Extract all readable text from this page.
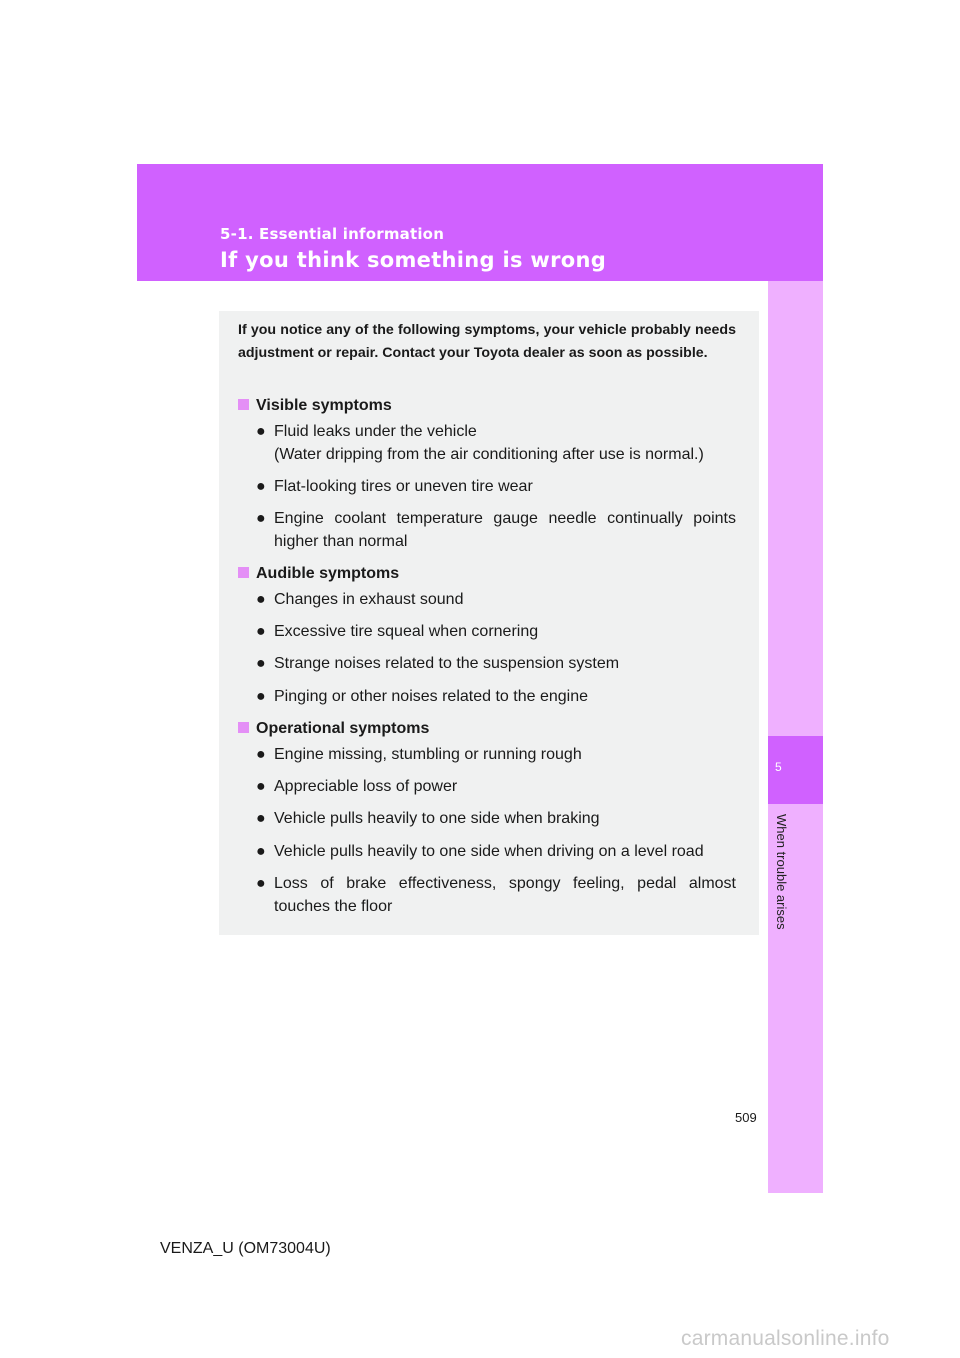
5-1. Essential information
If you think something is wrong
5
When trouble arises
If you notice any of the following symptoms, your vehicle probably needs adjustment or repair. Contact your Toyota dealer as soon as possible.
Visible symptoms
● Fluid leaks under the vehicle
(Water dripping from the air conditioning after use is normal.)
● Flat-looking tires or uneven tire wear
● Engine coolant temperature gauge needle continually points higher than normal
Audible symptoms
● Changes in exhaust sound
● Excessive tire squeal when cornering
● Strange noises related to the suspension system
● Pinging or other noises related to the engine
Operational symptoms
● Engine missing, stumbling or running rough
● Appreciable loss of power
● Vehicle pulls heavily to one side when braking
● Vehicle pulls heavily to one side when driving on a level road
● Loss of brake effectiveness, spongy feeling, pedal almost touches the floor
509
VENZA_U (OM73004U)
carmanualsonline.info
